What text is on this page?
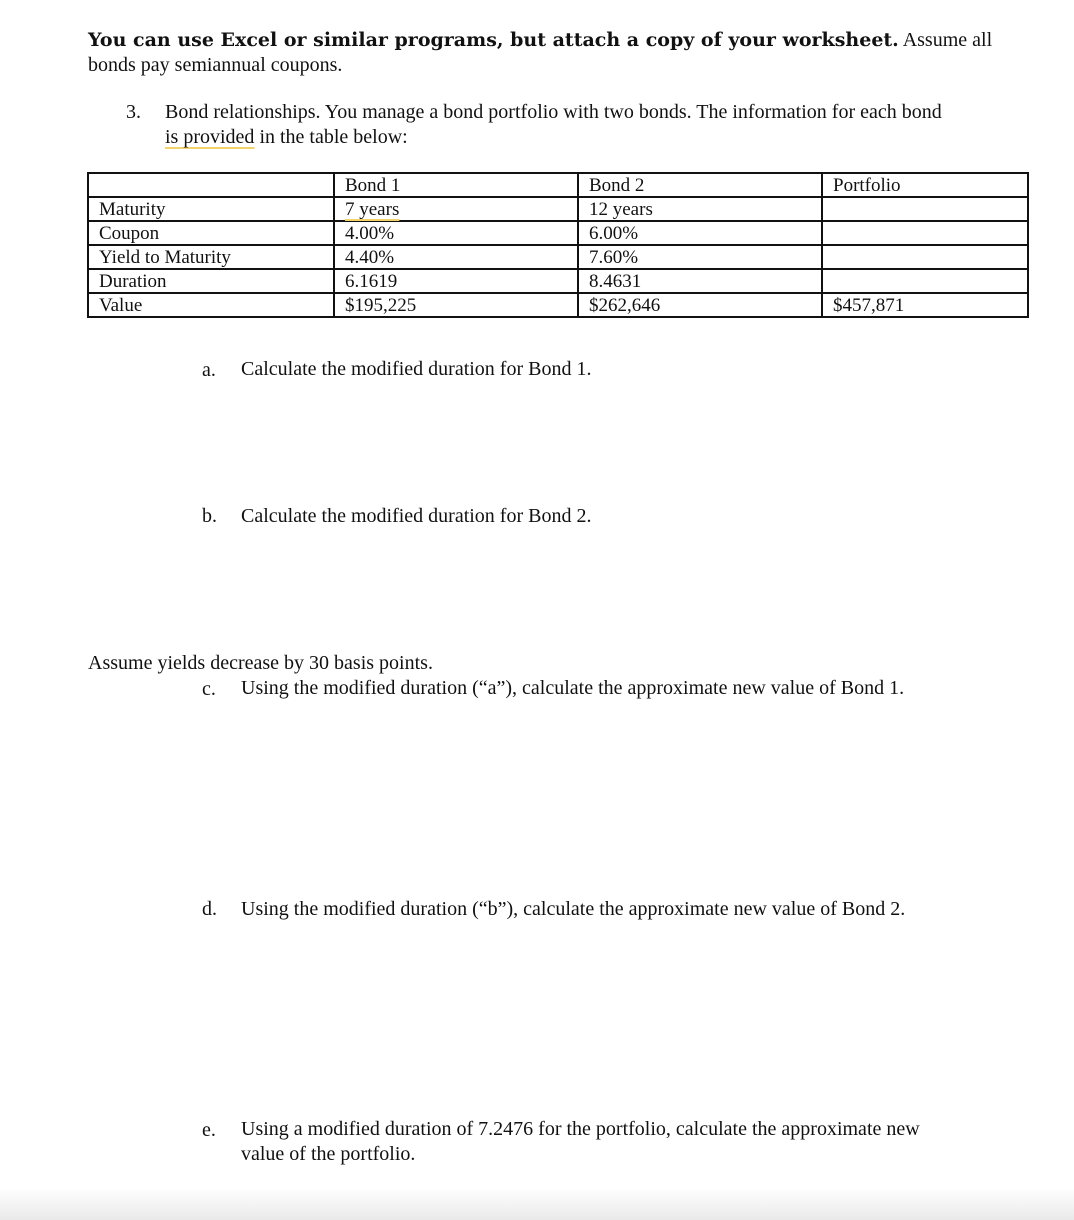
You can use Excel or similar programs, but attach a copy of your worksheet. Assume all bonds pay semiannual coupons.
3. Bond relationships. You manage a bond portfolio with two bonds. The information for each bond
is provided in the table below:
	Bond 1	Bond 2	Portfolio
Maturity	7 years	12 years	
Coupon	4.00%	6.00%	
Yield to Maturity	4.40%	7.60%	
Duration	6.1619	8.4631	
Value	$195,225	$262,646	$457,871
a. Calculate the modified duration for Bond 1.
b. Calculate the modified duration for Bond 2.
Assume yields decrease by 30 basis points.
c. Using the modified duration (“a”), calculate the approximate new value of Bond 1.
d. Using the modified duration (“b”), calculate the approximate new value of Bond 2.
e. Using a modified duration of 7.2476 for the portfolio, calculate the approximate new
value of the portfolio.
